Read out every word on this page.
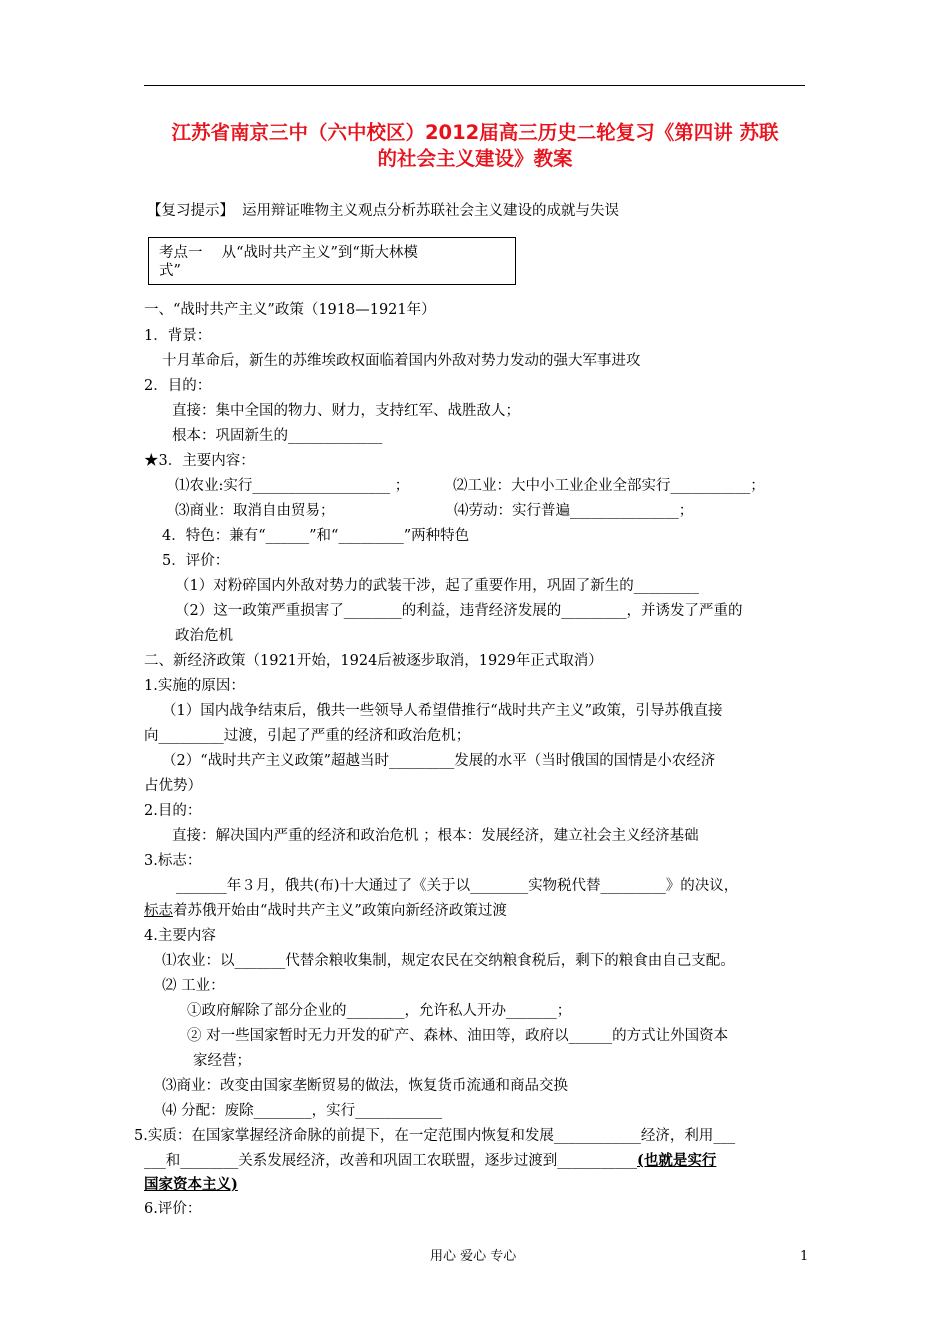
江苏省南京三中（六中校区）2012届高三历史二轮复习《第四讲 苏联
的社会主义建设》教案
【复习提示】 运用辩证唯物主义观点分析苏联社会主义建设的成就与失误
考点一　 从“战时共产主义”到“斯大林模
式”
一、“战时共产主义”政策（1918—1921年）
1．背景：
十月革命后，新生的苏维埃政权面临着国内外敌对势力发动的强大军事进攻
2．目的：
直接：集中全国的物力、财力，支持红军、战胜敌人；
根本：巩固新生的_____________
★3．主要内容：
⑴农业:实行___________________ ；	⑵工业：大中小工业企业全部实行___________；
⑶商业：取消自由贸易；	⑷劳动：实行普遍_______________；
4．特色：兼有“______”和“_________”两种特色
5．评价：
（1）对粉碎国内外敌对势力的武装干涉，起了重要作用，巩固了新生的_________
（2）这一政策严重损害了________的利益，违背经济发展的_________，并诱发了严重的
政治危机
二、新经济政策（1921开始，1924后被逐步取消，1929年正式取消）
1.实施的原因：
（1）国内战争结束后，俄共一些领导人希望借推行“战时共产主义”政策，引导苏俄直接
向_________过渡，引起了严重的经济和政治危机；
（2）“战时共产主义政策”超越当时_________发展的水平（当时俄国的国情是小农经济
占优势）
2.目的：
直接：解决国内严重的经济和政治危机 ；根本：发展经济，建立社会主义经济基础
3.标志：
_______年３月，俄共(布)十大通过了《关于以________实物税代替_________》的决议，
标志着苏俄开始由“战时共产主义”政策向新经济政策过渡
4.主要内容
⑴农业：以_______代替余粮收集制，规定农民在交纳粮食税后，剩下的粮食由自己支配。
⑵ 工业：
①政府解除了部分企业的________，允许私人开办_______；
② 对一些国家暂时无力开发的矿产、森林、油田等，政府以______的方式让外国资本
家经营；
⑶商业：改变由国家垄断贸易的做法，恢复货币流通和商品交换
⑷ 分配：废除________，实行____________
5.实质：在国家掌握经济命脉的前提下，在一定范围内恢复和发展____________经济，利用___
___和________关系发展经济，改善和巩固工农联盟，逐步过渡到___________(也就是实行
国家资本主义)
6.评价：
用心 爱心 专心	1
